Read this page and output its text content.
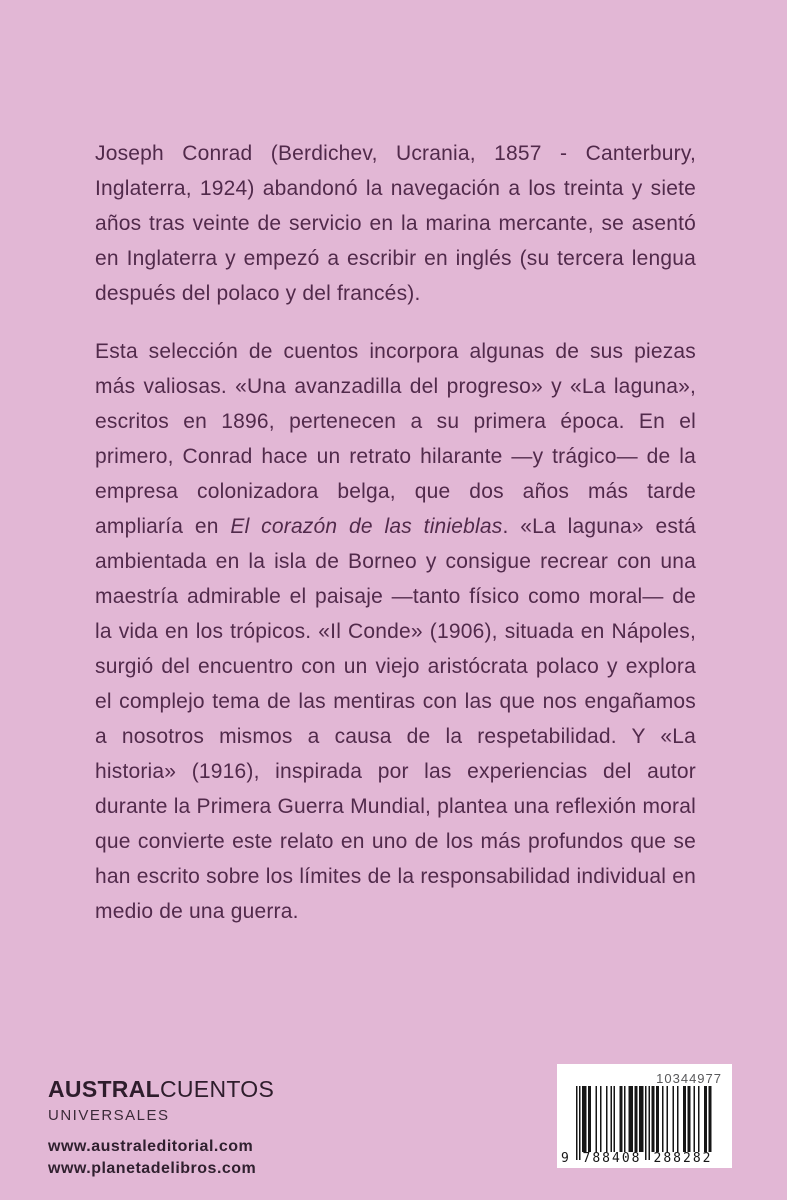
Joseph Conrad (Berdichev, Ucrania, 1857 - Canterbury, Inglaterra, 1924) abandonó la navegación a los treinta y siete años tras veinte de servicio en la marina mercante, se asentó en Inglaterra y empezó a escribir en inglés (su tercera lengua después del polaco y del francés).

Esta selección de cuentos incorpora algunas de sus piezas más valiosas. «Una avanzadilla del progreso» y «La laguna», escritos en 1896, pertenecen a su primera época. En el primero, Conrad hace un retrato hilarante —y trágico— de la empresa colonizadora belga, que dos años más tarde ampliaría en El corazón de las tinieblas. «La laguna» está ambientada en la isla de Borneo y consigue recrear con una maestría admirable el paisaje —tanto físico como moral— de la vida en los trópicos. «Il Conde» (1906), situada en Nápoles, surgió del encuentro con un viejo aristócrata polaco y explora el complejo tema de las mentiras con las que nos engañamos a nosotros mismos a causa de la respetabilidad. Y «La historia» (1916), inspirada por las experiencias del autor durante la Primera Guerra Mundial, plantea una reflexión moral que convierte este relato en uno de los más profundos que se han escrito sobre los límites de la responsabilidad individual en medio de una guerra.

AUSTRALCUENTOS
UNIVERSALES
www.australeditorial.com
www.planetadelibros.com
10344977
9 788408 288282
